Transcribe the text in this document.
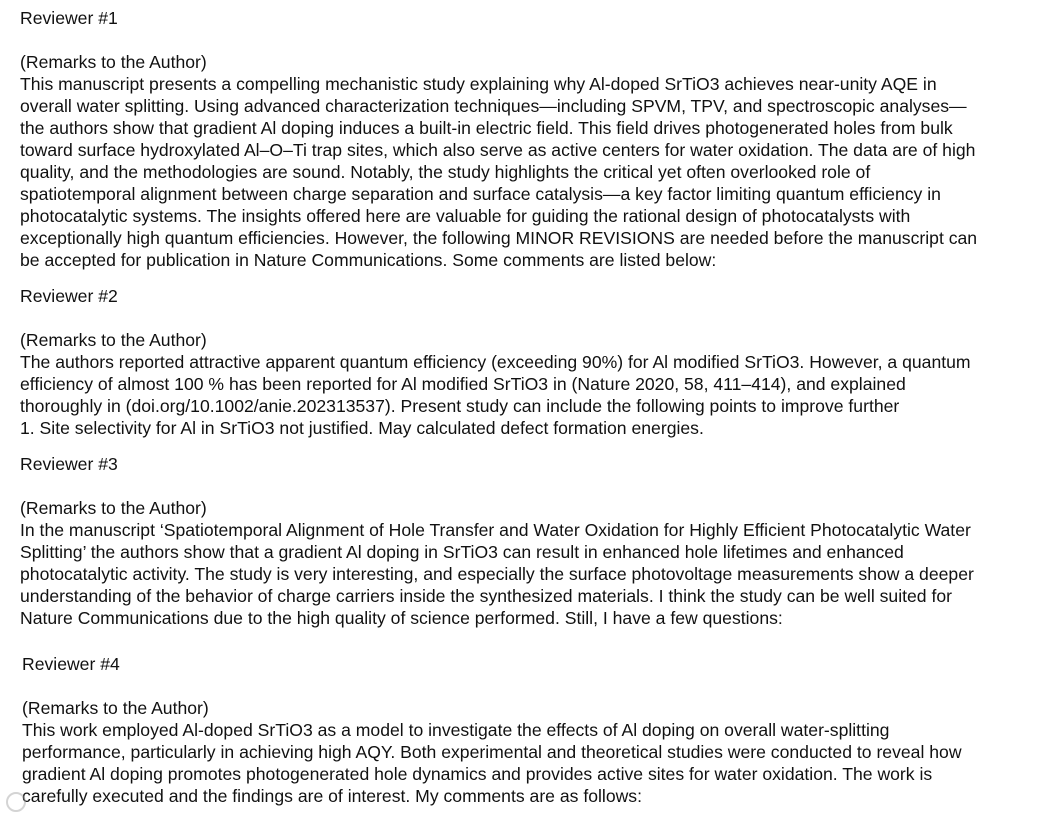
Reviewer #1

(Remarks to the Author)

This manuscript presents a compelling mechanistic study explaining why Al-doped SrTiO3 achieves near-unity AQE in
overall water splitting. Using advanced characterization techniques—including SPVM, TPV, and spectroscopic analyses—
the authors show that gradient Al doping induces a built-in electric field. This field drives photogenerated holes from bulk
toward surface hydroxylated Al–O–Ti trap sites, which also serve as active centers for water oxidation. The data are of high
quality, and the methodologies are sound. Notably, the study highlights the critical yet often overlooked role of
spatiotemporal alignment between charge separation and surface catalysis—a key factor limiting quantum efficiency in
photocatalytic systems. The insights offered here are valuable for guiding the rational design of photocatalysts with
exceptionally high quantum efficiencies. However, the following MINOR REVISIONS are needed before the manuscript can
be accepted for publication in Nature Communications. Some comments are listed below:

Reviewer #2

(Remarks to the Author)

The authors reported attractive apparent quantum efficiency (exceeding 90%) for Al modified SrTiO3. However, a quantum
efficiency of almost 100 % has been reported for Al modified SrTiO3 in (Nature 2020, 58, 411–414), and explained
thoroughly in (doi.org/10.1002/anie.202313537). Present study can include the following points to improve further
1. Site selectivity for Al in SrTiO3 not justified. May calculated defect formation energies.

Reviewer #3

(Remarks to the Author)

In the manuscript ‘Spatiotemporal Alignment of Hole Transfer and Water Oxidation for Highly Efficient Photocatalytic Water
Splitting’ the authors show that a gradient Al doping in SrTiO3 can result in enhanced hole lifetimes and enhanced
photocatalytic activity. The study is very interesting, and especially the surface photovoltage measurements show a deeper
understanding of the behavior of charge carriers inside the synthesized materials. I think the study can be well suited for
Nature Communications due to the high quality of science performed. Still, I have a few questions:

Reviewer #4

(Remarks to the Author)

This work employed Al-doped SrTiO3 as a model to investigate the effects of Al doping on overall water-splitting
performance, particularly in achieving high AQY. Both experimental and theoretical studies were conducted to reveal how
gradient Al doping promotes photogenerated hole dynamics and provides active sites for water oxidation. The work is
carefully executed and the findings are of interest. My comments are as follows:
